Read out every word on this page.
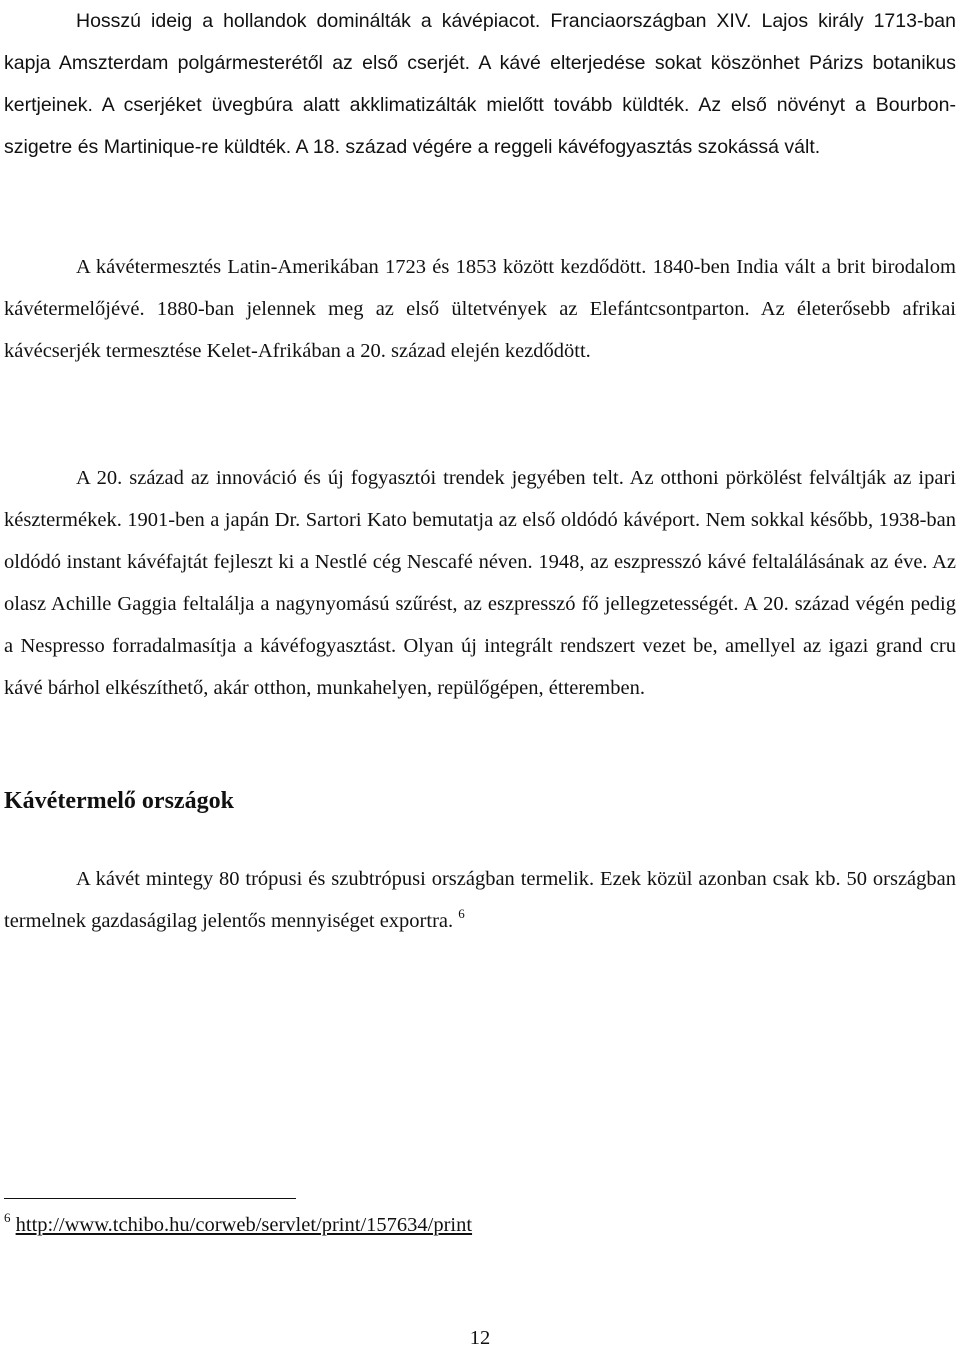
Hosszú ideig a hollandok dominálták a kávépiacot. Franciaországban XIV. Lajos király 1713-ban kapja Amszterdam polgármesterétől az első cserjét. A kávé elterjedése sokat köszönhet Párizs botanikus kertjeinek. A cserjéket üvegbúra alatt akklimatizálták mielőtt tovább küldték. Az első növényt a Bourbon-szigetre és Martinique-re küldték. A 18. század végére a reggeli kávéfogyasztás szokássá vált.

A kávétermesztés Latin-Amerikában 1723 és 1853 között kezdődött. 1840-ben India vált a brit birodalom kávétermelőjévé. 1880-ban jelennek meg az első ültetvények az Elefántcsontparton. Az életerősebb afrikai kávécserjék termesztése Kelet-Afrikában a 20. század elején kezdődött.

A 20. század az innováció és új fogyasztói trendek jegyében telt. Az otthoni pörkölést felváltják az ipari késztermékek. 1901-ben a japán Dr. Sartori Kato bemutatja az első oldódó kávéport. Nem sokkal később, 1938-ban oldódó instant kávéfajtát fejleszt ki a Nestlé cég Nescafé néven. 1948, az eszpresszó kávé feltalálásának az éve. Az olasz Achille Gaggia feltalálja a nagynyomású szűrést, az eszpresszó fő jellegzetességét. A 20. század végén pedig a Nespresso forradalmasítja a kávéfogyasztást. Olyan új integrált rendszert vezet be, amellyel az igazi grand cru kávé bárhol elkészíthető, akár otthon, munkahelyen, repülőgépen, étteremben.

Kávétermelő országok

A kávét mintegy 80 trópusi és szubtrópusi országban termelik. Ezek közül azonban csak kb. 50 országban termelnek gazdaságilag jelentős mennyiséget exportra. $^6$

$^6$ http://www.tchibo.hu/corweb/servlet/print/157634/print

12
